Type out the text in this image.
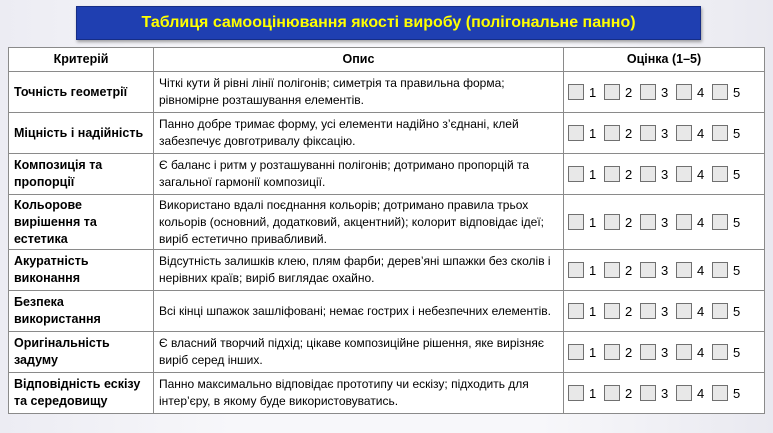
Таблиця самооцінювання якості виробу (полігональне панно)
Критерій	Опис	Оцінка (1–5)
Точність геометрії	Чіткі кути й рівні лінії полігонів; симетрія та правильна форма; рівномірне розташування елементів.	1 2 3 4 5

Міцність і надійність	Панно добре тримає форму, усі елементи надійно з’єднані, клей забезпечує довготривалу фіксацію.	1 2 3 4 5

Композиція та пропорції	Є баланс і ритм у розташуванні полігонів; дотримано пропорцій та загальної гармонії композиції.	1 2 3 4 5

Кольорове вирішення та естетика	Використано вдалі поєднання кольорів; дотримано правила трьох кольорів (основний, додатковий, акцентний); колорит відповідає ідеї; виріб естетично привабливий.	1 2 3 4 5

Акуратність виконання	Відсутність залишків клею, плям фарби; дерев’яні шпажки без сколів і нерівних країв; виріб виглядає охайно.	1 2 3 4 5

Безпека використання	Всі кінці шпажок зашліфовані; немає гострих і небезпечних елементів.	1 2 3 4 5

Оригінальність задуму	Є власний творчий підхід; цікаве композиційне рішення, яке вирізняє виріб серед інших.	1 2 3 4 5

Відповідність ескізу та середовищу	Панно максимально відповідає прототипу чи ескізу; підходить для інтер’єру, в якому буде використовуватись.	1 2 3 4 5
